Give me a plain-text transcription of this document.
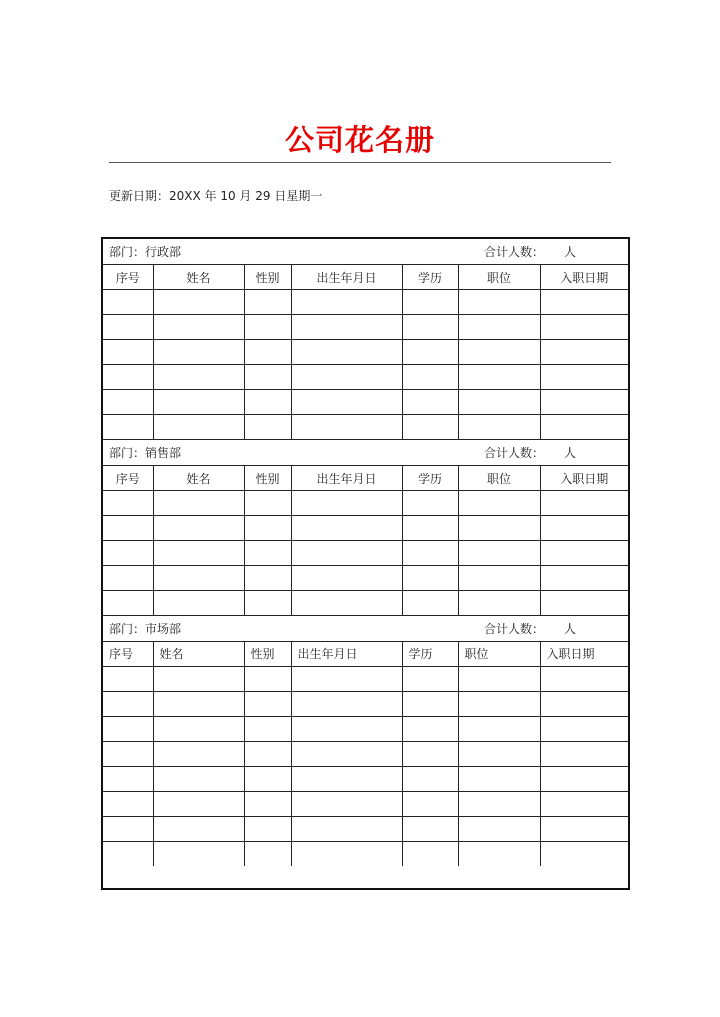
公司花名册
更新日期：20XX 年 10 月 29 日星期一
部门：行政部 合计人数： 人						

序号	姓名	性别	出生年月日	学历	职位	入职日期

部门：销售部 合计人数： 人						

序号	姓名	性别	出生年月日	学历	职位	入职日期

部门：市场部 合计人数： 人						

序号	姓名	性别	出生年月日	学历	职位	入职日期
